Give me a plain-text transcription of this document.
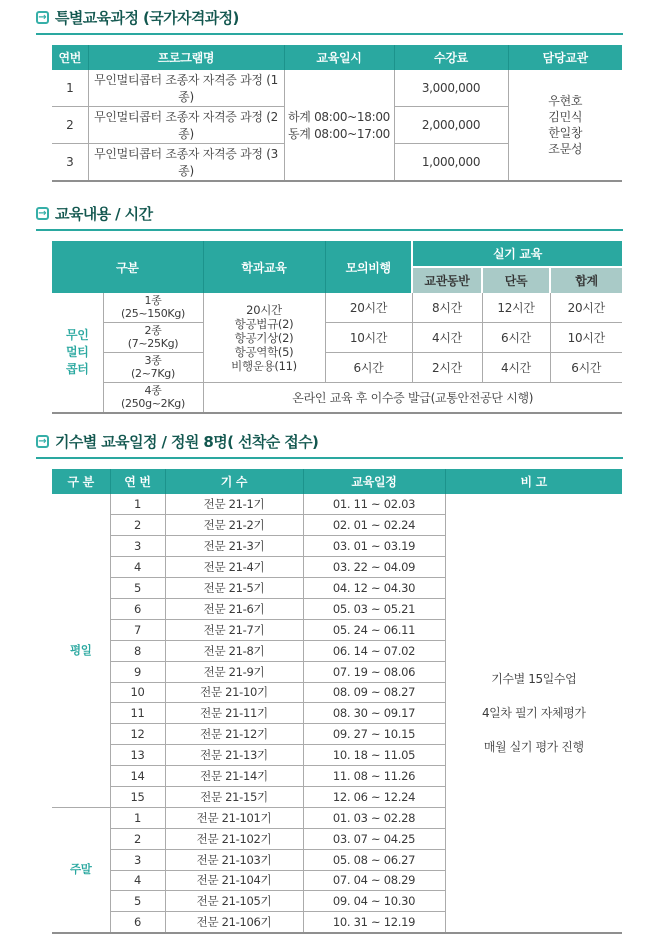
→ 특별교육과정 (국가자격과정)
연번	프로그램명	교육일시	수강료	담당교관
1	무인멀티콥터 조종자 자격증 과정 (1종)	
하계 08:00~18:00
동계 08:00~17:00
	3,000,000	
우현호
김민식
한일창
조문성

2	무인멀티콥터 조종자 자격증 과정 (2종)		2,000,000	
3	무인멀티콥터 조종자 자격증 과정 (3종)		1,000,000	
→ 교육내용 / 시간
구분		학과교육	모의비행	실기 교육		
				교관동반	단독	합계

무인
멀티
콥터

1종
(25~150Kg)	20시간
항공법규(2)
항공기상(2)
항공역학(5)
비행운용(11)
	20시간	8시간	12시간	20시간

	2종
(7~25Kg)		10시간	4시간	6시간	10시간

	3종
(2~7Kg)		6시간	2시간	4시간	6시간

	4종
(250g~2Kg)	온라인 교육 후 이수증 발급(교통안전공단 시행)				
→ 기수별 교육일정 / 정원 8명( 선착순 접수)
구 분	연 번	기 수	교육일정	비 고
평일	1	전문 21-1기	01. 11 ~ 02.03	기수별 15일수업
4일차 필기 자체평가
매월 실기 평가 진행

	2	전문 21-2기	02. 01 ~ 02.24	
	3	전문 21-3기	03. 01 ~ 03.19	
	4	전문 21-4기	03. 22 ~ 04.09	
	5	전문 21-5기	04. 12 ~ 04.30	
	6	전문 21-6기	05. 03 ~ 05.21	
	7	전문 21-7기	05. 24 ~ 06.11	
	8	전문 21-8기	06. 14 ~ 07.02	
	9	전문 21-9기	07. 19 ~ 08.06	
	10	전문 21-10기	08. 09 ~ 08.27	
	11	전문 21-11기	08. 30 ~ 09.17	
	12	전문 21-12기	09. 27 ~ 10.15	
	13	전문 21-13기	10. 18 ~ 11.05	
	14	전문 21-14기	11. 08 ~ 11.26	
	15	전문 21-15기	12. 06 ~ 12.24	
주말	1	전문 21-101기	01. 03 ~ 02.28	
	2	전문 21-102기	03. 07 ~ 04.25	
	3	전문 21-103기	05. 08 ~ 06.27	
	4	전문 21-104기	07. 04 ~ 08.29	
	5	전문 21-105기	09. 04 ~ 10.30	
	6	전문 21-106기	10. 31 ~ 12.19	
